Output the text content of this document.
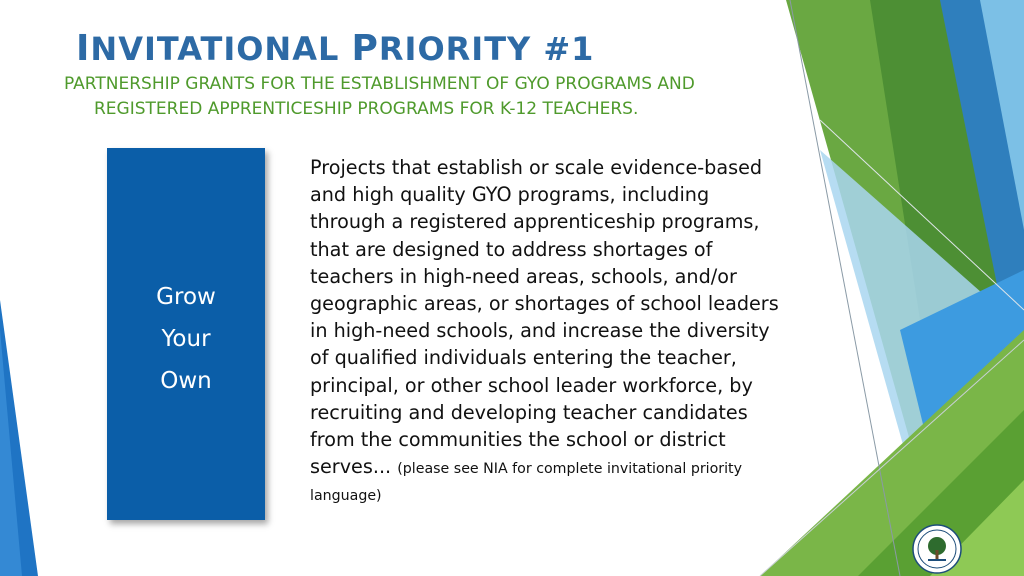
INVITATIONAL PRIORITY #1

PARTNERSHIP GRANTS FOR THE ESTABLISHMENT OF GYO PROGRAMS AND
REGISTERED APPRENTICESHIP PROGRAMS FOR K-12 TEACHERS.

Grow
Your
Own

Projects that establish or scale evidence-based and high quality GYO programs, including through a registered apprenticeship programs, that are designed to address shortages of teachers in high-need areas, schools, and/or geographic areas, or shortages of school leaders in high-need schools, and increase the diversity of qualified individuals entering the teacher, principal, or other school leader workforce, by recruiting and developing teacher candidates from the communities the school or district serves... (please see NIA for complete invitational priority language)
